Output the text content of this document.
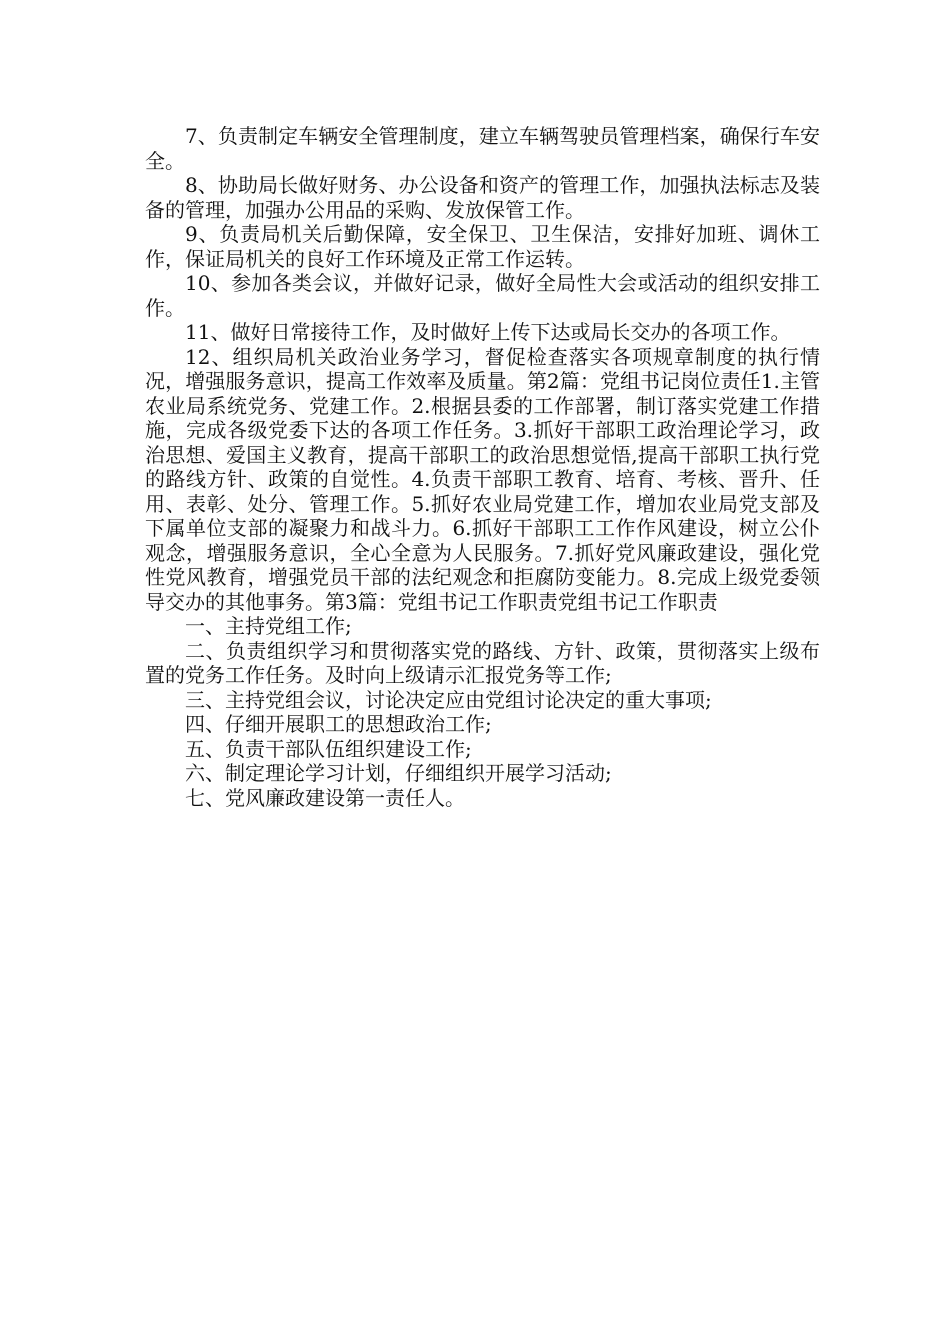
7、负责制定车辆安全管理制度，建立车辆驾驶员管理档案，确保行车安全。

8、协助局长做好财务、办公设备和资产的管理工作，加强执法标志及装备的管理，加强办公用品的采购、发放保管工作。

9、负责局机关后勤保障，安全保卫、卫生保洁，安排好加班、调休工作，保证局机关的良好工作环境及正常工作运转。

10、参加各类会议，并做好记录，做好全局性大会或活动的组织安排工作。

11、做好日常接待工作，及时做好上传下达或局长交办的各项工作。

12、组织局机关政治业务学习，督促检查落实各项规章制度的执行情况，增强服务意识，提高工作效率及质量。第2篇：党组书记岗位责任1.主管农业局系统党务、党建工作。2.根据县委的工作部署，制订落实党建工作措施，完成各级党委下达的各项工作任务。3.抓好干部职工政治理论学习，政治思想、爱国主义教育，提高干部职工的政治思想觉悟,提高干部职工执行党的路线方针、政策的自觉性。4.负责干部职工教育、培育、考核、晋升、任用、表彰、处分、管理工作。5.抓好农业局党建工作，增加农业局党支部及下属单位支部的凝聚力和战斗力。6.抓好干部职工工作作风建设，树立公仆观念，增强服务意识，全心全意为人民服务。7.抓好党风廉政建设，强化党性党风教育，增强党员干部的法纪观念和拒腐防变能力。8.完成上级党委领导交办的其他事务。第3篇：党组书记工作职责党组书记工作职责

一、主持党组工作;

二、负责组织学习和贯彻落实党的路线、方针、政策，贯彻落实上级布置的党务工作任务。及时向上级请示汇报党务等工作;

三、主持党组会议，讨论决定应由党组讨论决定的重大事项;

四、仔细开展职工的思想政治工作;

五、负责干部队伍组织建设工作;

六、制定理论学习计划，仔细组织开展学习活动;

七、党风廉政建设第一责任人。
